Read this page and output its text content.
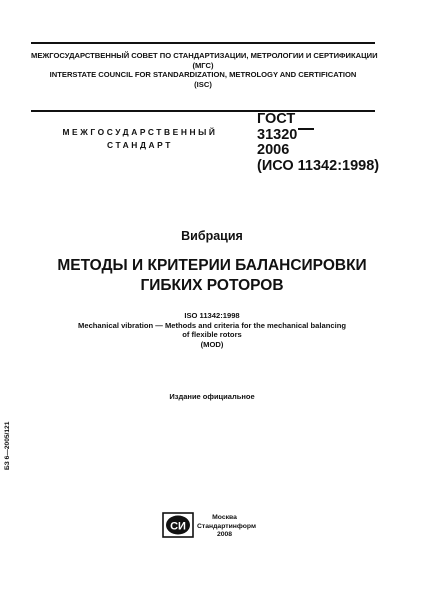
МЕЖГОСУДАРСТВЕННЫЙ СОВЕТ ПО СТАНДАРТИЗАЦИИ, МЕТРОЛОГИИ И СЕРТИФИКАЦИИ
(МГС)
INTERSTATE COUNCIL FOR STANDARDIZATION, METROLOGY AND CERTIFICATION
(ISC)
МЕЖГОСУДАРСТВЕННЫЙ
СТАНДАРТ
ГОСТ
31320
2006
(ИСО 11342:1998)
Вибрация
МЕТОДЫ И КРИТЕРИИ БАЛАНСИРОВКИ
ГИБКИХ РОТОРОВ
ISO 11342:1998
Mechanical vibration — Methods and criteria for the mechanical balancing
of flexible rotors
(MOD)
Издание официальное
БЗ 6—2005/121
СИ
Москва
Стандартинформ
2008
